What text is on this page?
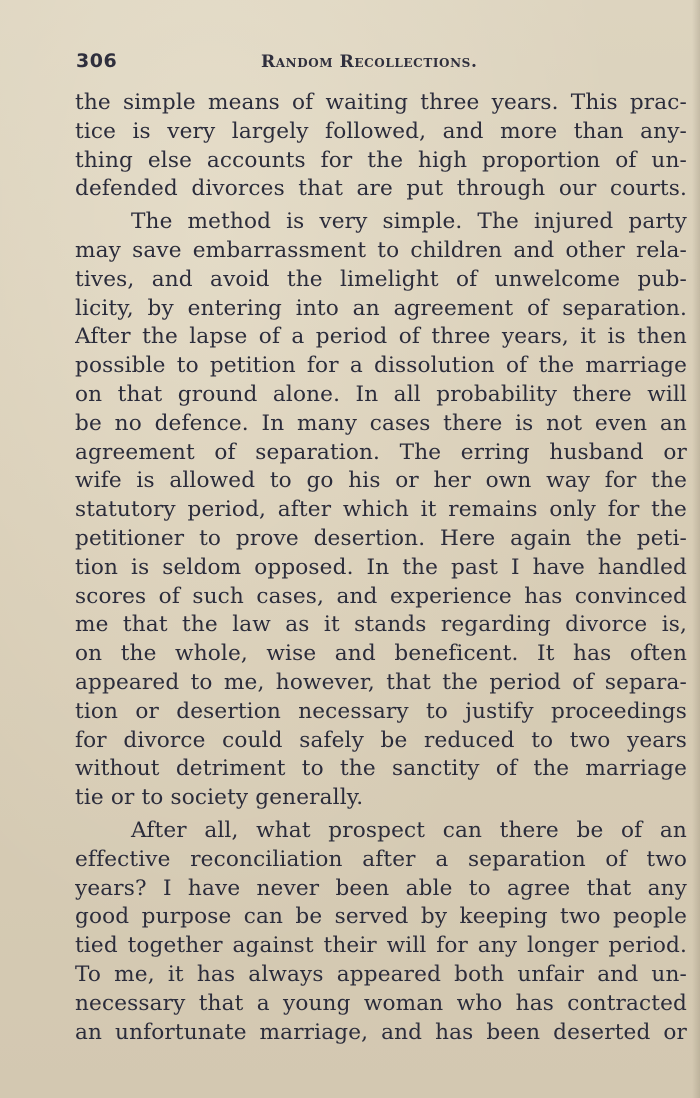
306	Random Recollections.
the simple means of waiting three years. This prac-
tice is very largely followed, and more than any-
thing else accounts for the high proportion of un-
defended divorces that are put through our courts.
The method is very simple. The injured party
may save embarrassment to children and other rela-
tives, and avoid the limelight of unwelcome pub-
licity, by entering into an agreement of separation.
After the lapse of a period of three years, it is then
possible to petition for a dissolution of the marriage
on that ground alone. In all probability there will
be no defence. In many cases there is not even an
agreement of separation. The erring husband or
wife is allowed to go his or her own way for the
statutory period, after which it remains only for the
petitioner to prove desertion. Here again the peti-
tion is seldom opposed. In the past I have handled
scores of such cases, and experience has convinced
me that the law as it stands regarding divorce is,
on the whole, wise and beneficent. It has often
appeared to me, however, that the period of separa-
tion or desertion necessary to justify proceedings
for divorce could safely be reduced to two years
without detriment to the sanctity of the marriage
tie or to society generally.
After all, what prospect can there be of an
effective reconciliation after a separation of two
years? I have never been able to agree that any
good purpose can be served by keeping two people
tied together against their will for any longer period.
To me, it has always appeared both unfair and un-
necessary that a young woman who has contracted
an unfortunate marriage, and has been deserted or
